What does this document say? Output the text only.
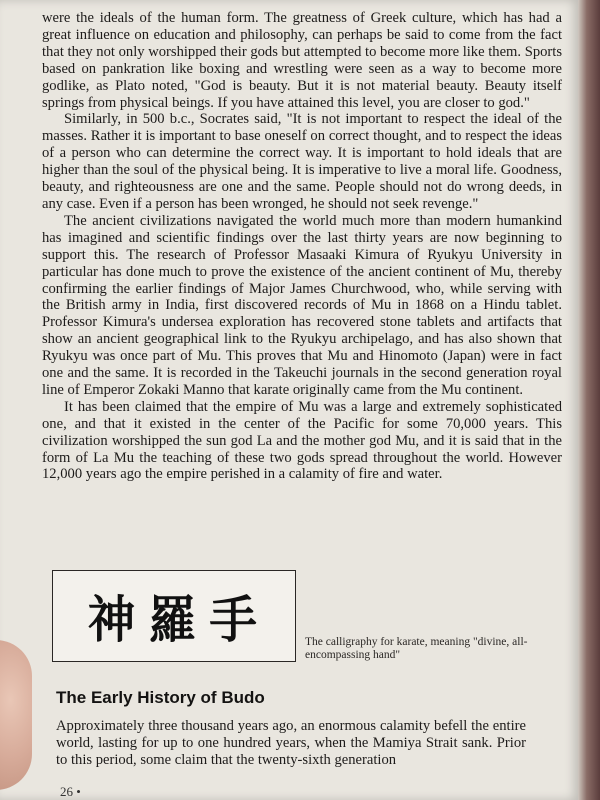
were the ideals of the human form. The greatness of Greek culture, which has had a great influence on education and philosophy, can perhaps be said to come from the fact that they not only worshipped their gods but attempted to become more like them. Sports based on pankration like boxing and wrestling were seen as a way to become more godlike, as Plato noted, "God is beauty. But it is not material beauty. Beauty itself springs from physical beings. If you have attained this level, you are closer to god."

Similarly, in 500 b.c., Socrates said, "It is not important to respect the ideal of the masses. Rather it is important to base oneself on correct thought, and to respect the ideas of a person who can determine the correct way. It is important to hold ideals that are higher than the soul of the physical being. It is imperative to live a moral life. Goodness, beauty, and righteousness are one and the same. People should not do wrong deeds, in any case. Even if a person has been wronged, he should not seek revenge."

The ancient civilizations navigated the world much more than modern humankind has imagined and scientific findings over the last thirty years are now beginning to support this. The research of Professor Masaaki Kimura of Ryukyu University in particular has done much to prove the existence of the ancient continent of Mu, thereby confirming the earlier findings of Major James Churchwood, who, while serving with the British army in India, first discovered records of Mu in 1868 on a Hindu tablet. Professor Kimura's undersea exploration has recovered stone tablets and artifacts that show an ancient geographical link to the Ryukyu archipelago, and has also shown that Ryukyu was once part of Mu. This proves that Mu and Hinomoto (Japan) were in fact one and the same. It is recorded in the Takeuchi journals in the second generation royal line of Emperor Zokaki Manno that karate originally came from the Mu continent.

It has been claimed that the empire of Mu was a large and extremely sophisticated one, and that it existed in the center of the Pacific for some 70,000 years. This civilization worshipped the sun god La and the mother god Mu, and it is said that in the form of La Mu the teaching of these two gods spread throughout the world. However 12,000 years ago the empire perished in a calamity of fire and water.

神羅手	The calligraphy for karate, meaning "divine, all-encompassing hand"
The Early History of Budo
Approximately three thousand years ago, an enormous calamity befell the entire world, lasting for up to one hundred years, when the Mamiya Strait sank. Prior to this period, some claim that the twenty-sixth generation
26 •
